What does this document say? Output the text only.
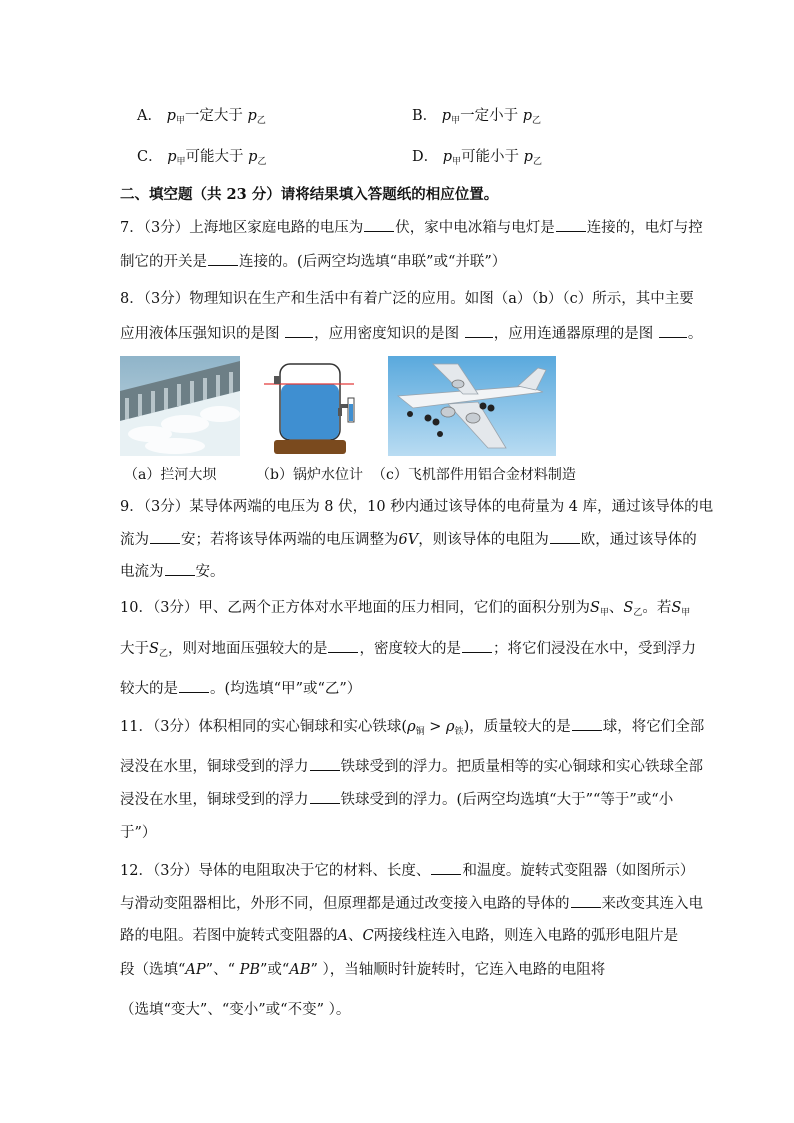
A． $p_甲$一定大于 $p_乙$	B． $p_甲$一定小于 $p_乙$
C． $p_甲$可能大于 $p_乙$	D． $p_甲$可能小于 $p_乙$
二、填空题（共 23 分）请将结果填入答题纸的相应位置。
7．（3分）上海地区家庭电路的电压为 伏，家中电冰箱与电灯是 连接的，电灯与控
制它的开关是 连接的。(后两空均选填“串联”或“并联”）
8．（3分）物理知识在生产和生活中有着广泛的应用。如图（a）（b）（c）所示，其中主要
应用液体压强知识的是图 ，应用密度知识的是图 ，应用连通器原理的是图 。
（a）拦河大坝	（b）锅炉水位计 （c）飞机部件用铝合金材料制造
9．（3分）某导体两端的电压为 8 伏，10 秒内通过该导体的电荷量为 4 库，通过该导体的电
流为 安；若将该导体两端的电压调整为6V，则该导体的电阻为 欧，通过该导体的
电流为 安。
10．（3分）甲、乙两个正方体对水平地面的压力相同，它们的面积分别为$S_甲$、$S_乙$。若$S_甲$
大于$S_乙$，则对地面压强较大的是 ，密度较大的是 ；将它们浸没在水中，受到浮力
较大的是 。(均选填“甲”或“乙”）
11．（3分）体积相同的实心铜球和实心铁球$(\rho_铜 > \rho_铁)$，质量较大的是 球，将它们全部
浸没在水里，铜球受到的浮力 铁球受到的浮力。把质量相等的实心铜球和实心铁球全部
浸没在水里，铜球受到的浮力 铁球受到的浮力。(后两空均选填“大于”“等于”或“小
于”）
12．（3分）导体的电阻取决于它的材料、长度、 和温度。旋转式变阻器（如图所示）
与滑动变阻器相比，外形不同，但原理都是通过改变接入电路的导体的 来改变其连入电
路的电阻。若图中旋转式变阻器的A、C两接线柱连入电路，则连入电路的弧形电阻片是
段（选填“AP”、“ PB”或“AB” ），当轴顺时针旋转时，它连入电路的电阻将
（选填“变大”、“变小”或“不变” ）。
